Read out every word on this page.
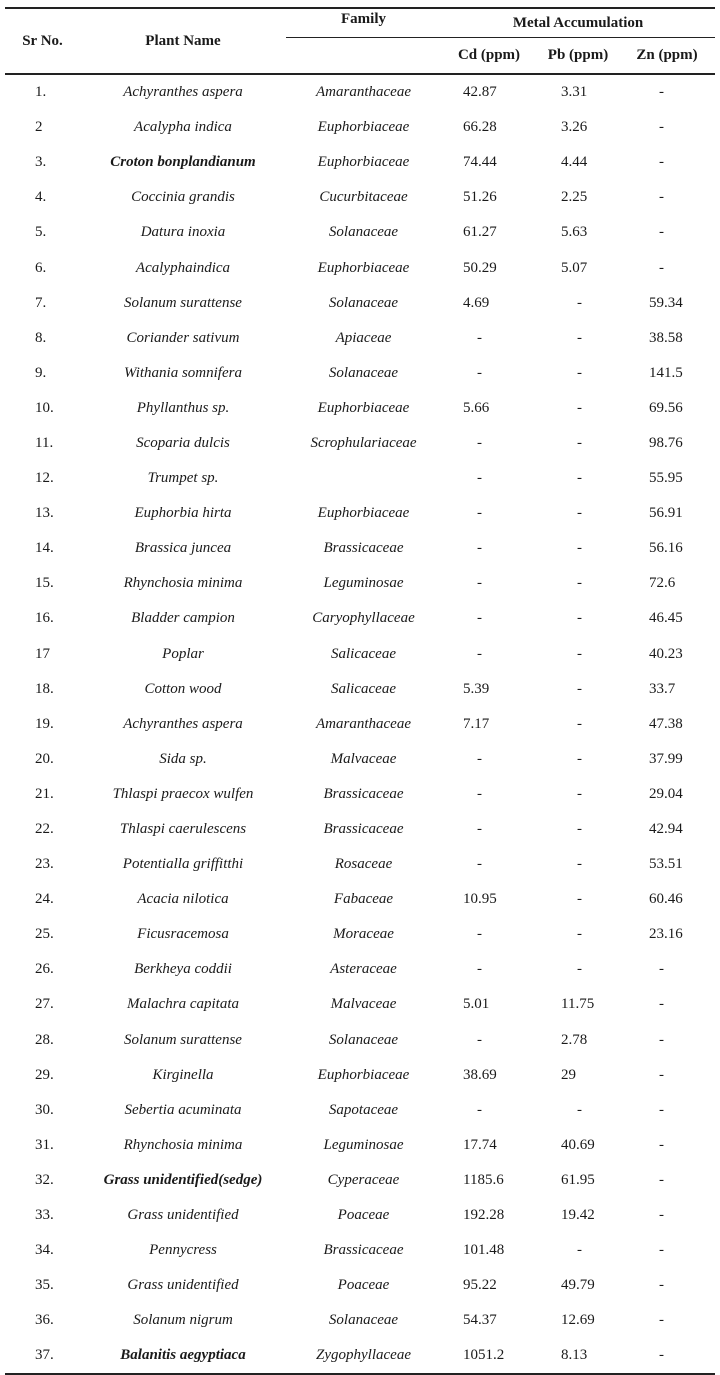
Sr No.	Plant Name	Family	Metal Accumulation		
			Cd (ppm)	Pb (ppm)	Zn (ppm)
1.	Achyranthes aspera	Amaranthaceae	42.87	3.31	-
2	Acalypha indica	Euphorbiaceae	66.28	3.26	-
3.	Croton bonplandianum	Euphorbiaceae	74.44	4.44	-
4.	Coccinia grandis	Cucurbitaceae	51.26	2.25	-
5.	Datura inoxia	Solanaceae	61.27	5.63	-
6.	Acalyphaindica	Euphorbiaceae	50.29	5.07	-
7.	Solanum surattense	Solanaceae	4.69	-	59.34
8.	Coriander sativum	Apiaceae	-	-	38.58
9.	Withania somnifera	Solanaceae	-	-	141.5
10.	Phyllanthus sp.	Euphorbiaceae	5.66	-	69.56
11.	Scoparia dulcis	Scrophulariaceae	-	-	98.76
12.	Trumpet sp.		-	-	55.95
13.	Euphorbia hirta	Euphorbiaceae	-	-	56.91
14.	Brassica juncea	Brassicaceae	-	-	56.16
15.	Rhynchosia minima	Leguminosae	-	-	72.6
16.	Bladder campion	Caryophyllaceae	-	-	46.45
17	Poplar	Salicaceae	-	-	40.23
18.	Cotton wood	Salicaceae	5.39	-	33.7
19.	Achyranthes aspera	Amaranthaceae	7.17	-	47.38
20.	Sida sp.	Malvaceae	-	-	37.99
21.	Thlaspi praecox wulfen	Brassicaceae	-	-	29.04
22.	Thlaspi caerulescens	Brassicaceae	-	-	42.94
23.	Potentialla griffitthi	Rosaceae	-	-	53.51
24.	Acacia nilotica	Fabaceae	10.95	-	60.46
25.	Ficusracemosa	Moraceae	-	-	23.16
26.	Berkheya coddii	Asteraceae	-	-	-
27.	Malachra capitata	Malvaceae	5.01	11.75	-
28.	Solanum surattense	Solanaceae	-	2.78	-
29.	Kirginella	Euphorbiaceae	38.69	29	-
30.	Sebertia acuminata	Sapotaceae	-	-	-
31.	Rhynchosia minima	Leguminosae	17.74	40.69	-
32.	Grass unidentified(sedge)	Cyperaceae	1185.6	61.95	-
33.	Grass unidentified	Poaceae	192.28	19.42	-
34.	Pennycress	Brassicaceae	101.48	-	-
35.	Grass unidentified	Poaceae	95.22	49.79	-
36.	Solanum nigrum	Solanaceae	54.37	12.69	-
37.	Balanitis aegyptiaca	Zygophyllaceae	1051.2	8.13	-
